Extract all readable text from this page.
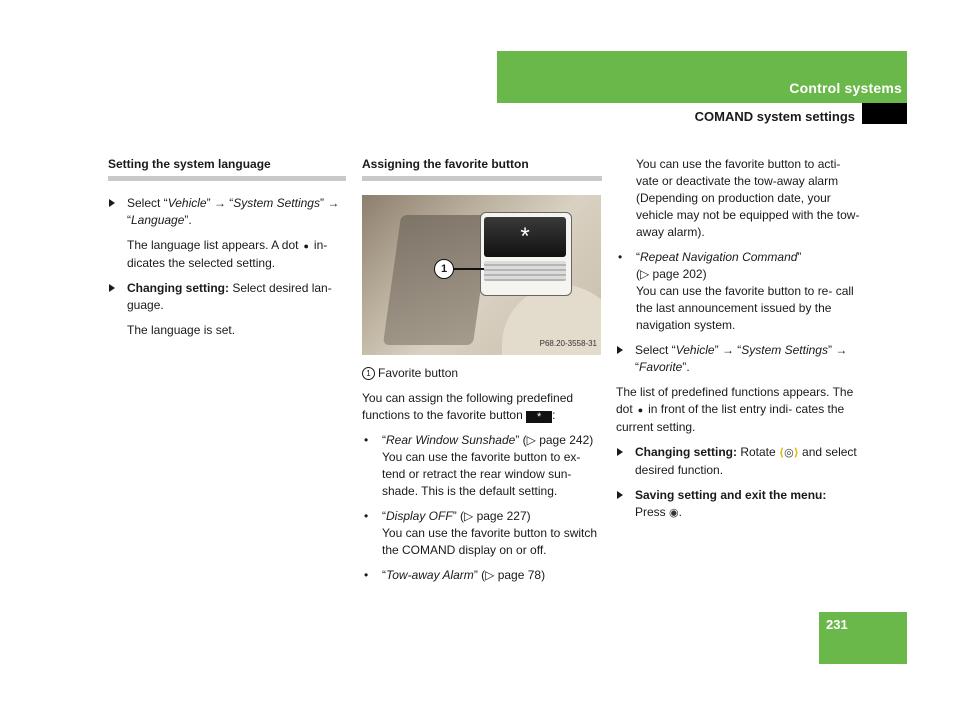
Control systems
COMAND system settings
Setting the system language
Select “Vehicle” → “System Settings” → “Language”.

The language list appears. A dot ● in- dicates the selected setting.

Changing setting: Select desired lan- guage.

The language is set.

Assigning the favorite button
*
1
P68.20-3558-31

1 Favorite button

You can assign the following predefined functions to the favorite button * :

• “Rear Window Sunshade” (▷ page 242)
You can use the favorite button to ex- tend or retract the rear window sun- shade. This is the default setting.
• “Display OFF” (▷ page 227)
You can use the favorite button to switch the COMAND display on or off.
• “Tow-away Alarm” (▷ page 78)

You can use the favorite button to acti- vate or deactivate the tow-away alarm (Depending on production date, your vehicle may not be equipped with the tow-away alarm).

• “Repeat Navigation Command”
(▷ page 202)
You can use the favorite button to re- call the last announcement issued by the navigation system.
Select “Vehicle” → “System Settings” → “Favorite”.

The list of predefined functions appears. The dot ● in front of the list entry indi- cates the current setting.

Changing setting: Rotate ⟨◎⟩ and select desired function.
Saving setting and exit the menu:
Press ◉.
231
